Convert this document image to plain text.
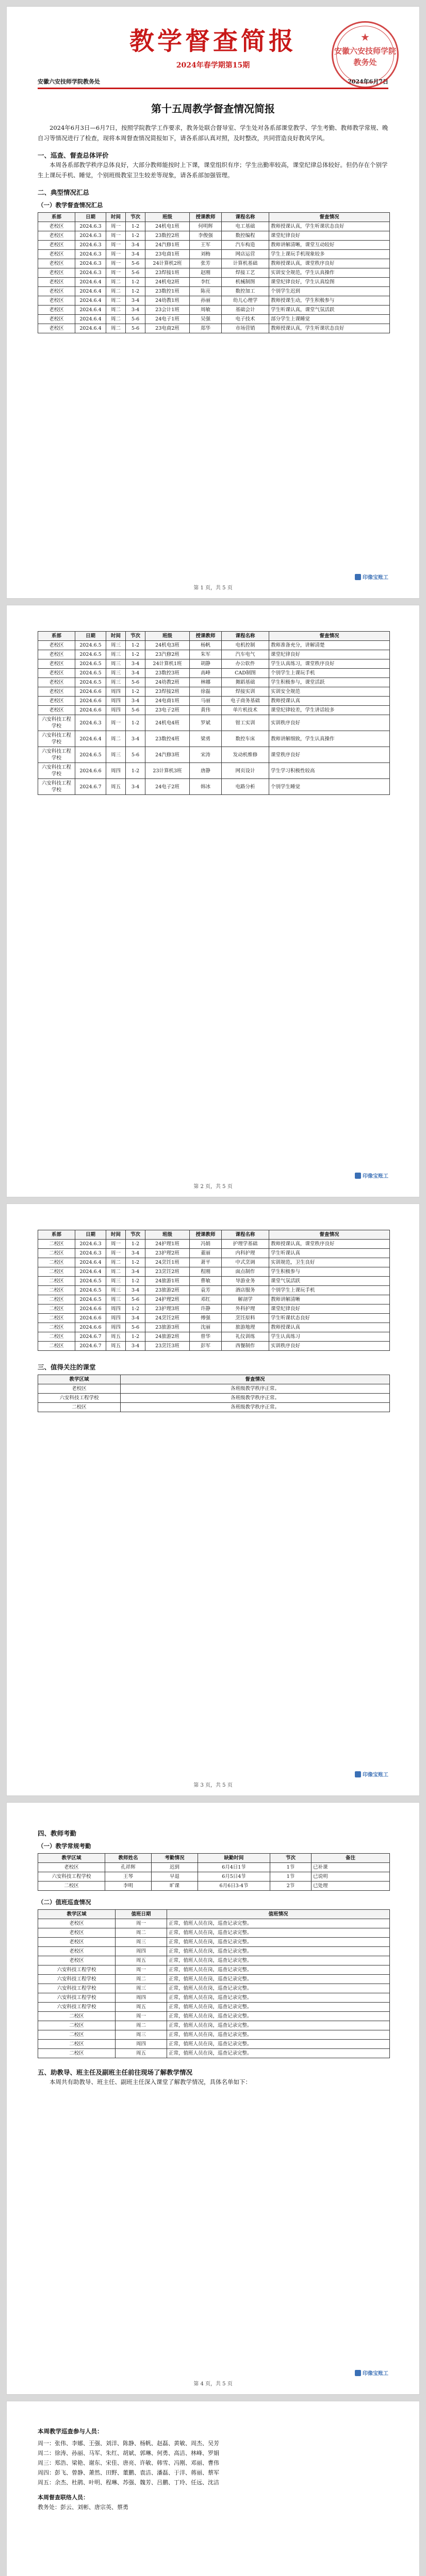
★
安徽六安技师学院
教务处
教学督查简报
2024年春学期第15期
安徽六安技师学院教务处	2024年6月7日
第十五周教学督查情况简报
2024年6月3日—6月7日，按照学院教学工作要求，教务处联合督导室、学生处对各系部课堂教学、学生考勤、教师教学常规、晚自习等情况进行了检查，现将本周督查情况简报如下，请各系部认真对照，及时整改，共同营造良好教风学风。
一、巡查、督查总体评价
本周各系部教学秩序总体良好，大部分教师能按时上下课，课堂组织有序；学生出勤率较高，课堂纪律总体较好。但仍存在个别学生上课玩手机、睡觉，个别班级教室卫生较差等现象，请各系部加强管理。
二、典型情况汇总
（一）教学督查情况汇总
系部	日期	时间	节次	班级	授课教师	课程名称	督查情况
老校区	2024.6.3	周一	1-2	24机电1班	何明辉	电工基础	教师授课认真，学生听课状态良好
老校区	2024.6.3	周一	1-2	23数控2班	李俊强	数控编程	课堂纪律良好
老校区	2024.6.3	周一	3-4	24汽修1班	王军	汽车构造	教师讲解清晰，课堂互动较好
老校区	2024.6.3	周一	3-4	23电商1班	刘梅	网店运营	学生上课玩手机现象较多
老校区	2024.6.3	周一	5-6	24计算机2班	张芳	计算机基础	教师授课认真，课堂秩序良好
老校区	2024.6.3	周一	5-6	23焊接1班	赵刚	焊接工艺	实训安全规范，学生认真操作
老校区	2024.6.4	周二	1-2	24机电2班	李红	机械制图	课堂纪律良好，学生认真绘图
老校区	2024.6.4	周二	1-2	23数控1班	陈亮	数控加工	个别学生迟到
老校区	2024.6.4	周二	3-4	24幼教1班	孙丽	幼儿心理学	教师授课生动，学生积极参与
老校区	2024.6.4	周二	3-4	23会计1班	周敏	基础会计	学生听课认真，课堂气氛活跃
老校区	2024.6.4	周二	5-6	24电子1班	吴强	电子技术	部分学生上课睡觉
老校区	2024.6.4	周二	5-6	23电商2班	郑华	市场营销	教师授课认真，学生听课状态良好
印像宝账工
第 1 页，共 5 页
系部	日期	时间	节次	班级	授课教师	课程名称	督查情况
老校区	2024.6.5	周三	1-2	24机电3班	杨帆	电机控制	教师准备充分，讲解清楚
老校区	2024.6.5	周三	1-2	23汽修2班	朱军	汽车电气	课堂纪律良好
老校区	2024.6.5	周三	3-4	24计算机1班	胡静	办公软件	学生认真练习，课堂秩序良好
老校区	2024.6.5	周三	3-4	23数控3班	高峰	CAD制图	个别学生上课玩手机
老校区	2024.6.5	周三	5-6	24幼教2班	林娜	舞蹈基础	学生积极参与，课堂活跃
老校区	2024.6.6	周四	1-2	23焊接2班	徐磊	焊接实训	实训安全规范
老校区	2024.6.6	周四	3-4	24电商1班	马丽	电子商务基础	教师授课认真
老校区	2024.6.6	周四	5-6	23电子2班	黄伟	单片机技术	课堂纪律较差，学生讲话较多
六安科技工程学校	2024.6.3	周一	1-2	24机电4班	罗斌	钳工实训	实训秩序良好
六安科技工程学校	2024.6.4	周二	3-4	23数控4班	梁勇	数控车床	教师讲解细致，学生认真操作
六安科技工程学校	2024.6.5	周三	5-6	24汽修3班	宋涛	发动机维修	课堂秩序良好
六安科技工程学校	2024.6.6	周四	1-2	23计算机3班	唐静	网页设计	学生学习积极性较高
六安科技工程学校	2024.6.7	周五	3-4	24电子2班	韩冰	电路分析	个别学生睡觉
印像宝账工
第 2 页，共 5 页
系部	日期	时间	节次	班级	授课教师	课程名称	督查情况
二校区	2024.6.3	周一	1-2	24护理1班	冯娟	护理学基础	教师授课认真，课堂秩序良好
二校区	2024.6.3	周一	3-4	23护理2班	董丽	内科护理	学生听课认真
二校区	2024.6.4	周二	1-2	24烹饪1班	萧平	中式烹调	实训规范，卫生良好
二校区	2024.6.4	周二	3-4	23烹饪2班	程刚	面点制作	学生积极参与
二校区	2024.6.5	周三	1-2	24旅游1班	曹敏	导游业务	课堂气氛活跃
二校区	2024.6.5	周三	3-4	23旅游2班	袁芳	酒店服务	个别学生上课玩手机
二校区	2024.6.5	周三	5-6	24护理2班	邓红	解剖学	教师讲解清晰
二校区	2024.6.6	周四	1-2	23护理3班	许静	外科护理	课堂纪律良好
二校区	2024.6.6	周四	3-4	24烹饪2班	傅强	烹饪原料	学生听课状态良好
二校区	2024.6.6	周四	5-6	23旅游3班	沈丽	旅游地理	教师授课认真
二校区	2024.6.7	周五	1-2	24旅游2班	曾华	礼仪训练	学生认真练习
二校区	2024.6.7	周五	3-4	23烹饪3班	彭军	西餐制作	实训秩序良好
三、值得关注的课堂
教学区域	督查情况
老校区	各班级教学秩序正常。
六安科技工程学校	各班级教学秩序正常。
二校区	各班级教学秩序正常。
印像宝账工
第 3 页，共 5 页
四、教师考勤
（一）教学常规考勤
教学区域	教师姓名	考勤情况	缺勤时间	节次	备注
老校区	孔祥辉	迟到	6月4日1节	1节	已补课
六安科技工程学校	王琴	早退	6月5日4节	1节	已说明
二校区	李明	旷课	6月6日3-4节	2节	已处理
（二）值班巡查情况
教学区域	值班日期	值班情况
老校区	周一	正常，值班人员在岗，巡查记录完整。
老校区	周二	正常，值班人员在岗，巡查记录完整。
老校区	周三	正常，值班人员在岗，巡查记录完整。
老校区	周四	正常，值班人员在岗，巡查记录完整。
老校区	周五	正常，值班人员在岗，巡查记录完整。
六安科技工程学校	周一	正常，值班人员在岗，巡查记录完整。
六安科技工程学校	周二	正常，值班人员在岗，巡查记录完整。
六安科技工程学校	周三	正常，值班人员在岗，巡查记录完整。
六安科技工程学校	周四	正常，值班人员在岗，巡查记录完整。
六安科技工程学校	周五	正常，值班人员在岗，巡查记录完整。
二校区	周一	正常，值班人员在岗，巡查记录完整。
二校区	周二	正常，值班人员在岗，巡查记录完整。
二校区	周三	正常，值班人员在岗，巡查记录完整。
二校区	周四	正常，值班人员在岗，巡查记录完整。
二校区	周五	正常，值班人员在岗，巡查记录完整。
五、助教导、班主任及副班主任前往现场了解教学情况
本周共有助教导、班主任、副班主任深入课堂了解教学情况，具体名单如下：
印像宝账工
第 4 页，共 5 页
本周教学巡查参与人员：
周一：张伟、李娜、王强、刘洋、陈静、杨帆、赵磊、黄敏、周杰、吴芳
周二：徐涛、孙丽、马军、朱红、胡斌、郭琳、何勇、高洁、林峰、罗娟
周三：郑浩、梁艳、谢东、宋佳、唐亮、许敏、韩雪、冯刚、邓丽、曹伟
周四：彭飞、曾静、萧然、田野、董鹏、袁洁、潘磊、于洋、蒋丽、蔡军
周五：余杰、杜鹃、叶明、程琳、苏强、魏芳、吕鹏、丁玲、任远、沈洁
本周督查联络人员：
教务处：彭云、刘彬、唐宗英、蔡勇
